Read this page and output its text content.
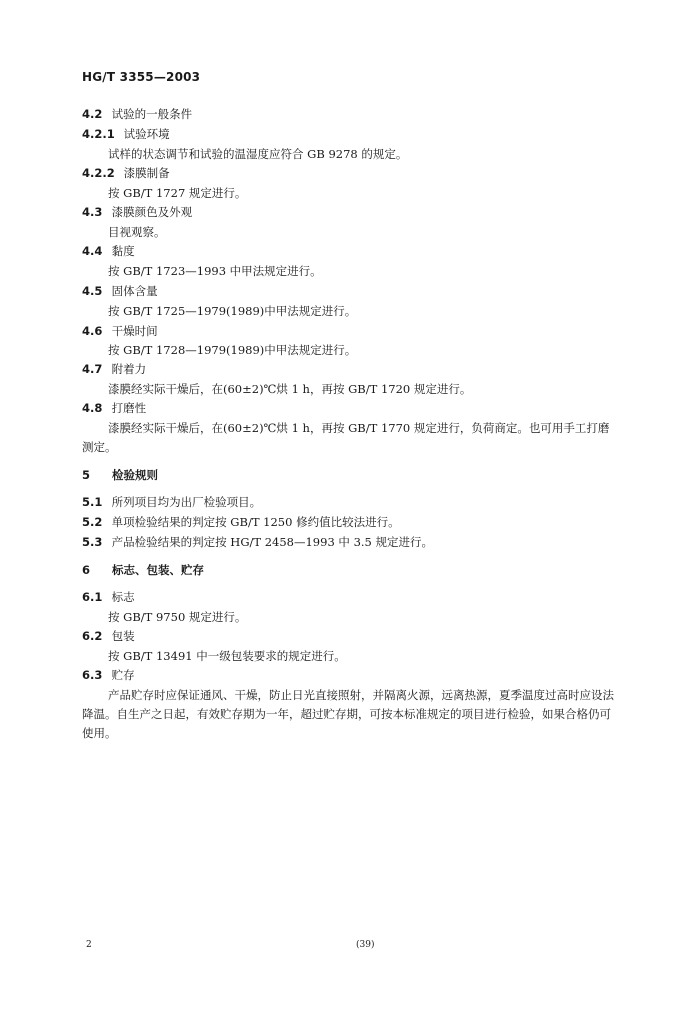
HG/T 3355—2003
4.2 试验的一般条件
4.2.1 试验环境
试样的状态调节和试验的温湿度应符合 GB 9278 的规定。
4.2.2 漆膜制备
按 GB/T 1727 规定进行。
4.3 漆膜颜色及外观
目视观察。
4.4 黏度
按 GB/T 1723—1993 中甲法规定进行。
4.5 固体含量
按 GB/T 1725—1979(1989)中甲法规定进行。
4.6 干燥时间
按 GB/T 1728—1979(1989)中甲法规定进行。
4.7 附着力
漆膜经实际干燥后，在(60±2)℃烘 1 h，再按 GB/T 1720 规定进行。
4.8 打磨性
漆膜经实际干燥后，在(60±2)℃烘 1 h，再按 GB/T 1770 规定进行，负荷商定。也可用手工打磨
测定。
5 检验规则
5.1 所列项目均为出厂检验项目。
5.2 单项检验结果的判定按 GB/T 1250 修约值比较法进行。
5.3 产品检验结果的判定按 HG/T 2458—1993 中 3.5 规定进行。
6 标志、包装、贮存
6.1 标志
按 GB/T 9750 规定进行。
6.2 包装
按 GB/T 13491 中一级包装要求的规定进行。
6.3 贮存
产品贮存时应保证通风、干燥，防止日光直接照射，并隔离火源，远离热源，夏季温度过高时应设法
降温。自生产之日起，有效贮存期为一年，超过贮存期，可按本标准规定的项目进行检验，如果合格仍可
使用。
2	(39)
